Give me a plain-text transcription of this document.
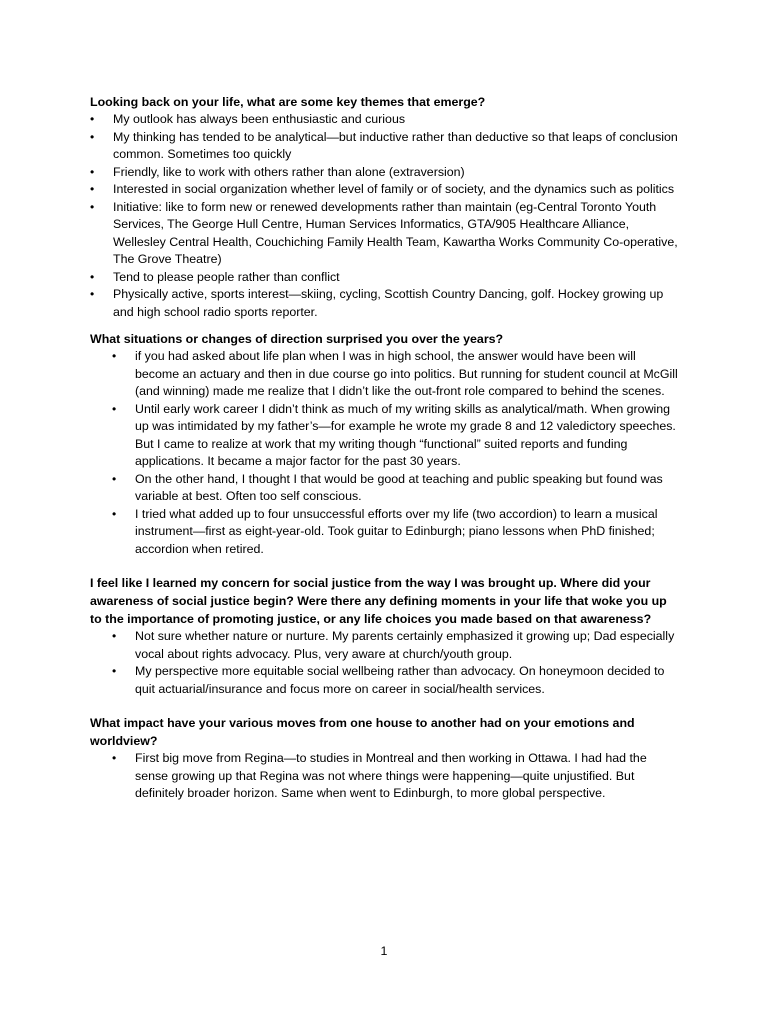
Looking back on your life, what are some key themes that emerge?

• My outlook has always been enthusiastic and curious
• My thinking has tended to be analytical—but inductive rather than deductive so that leaps of conclusion common. Sometimes too quickly
• Friendly, like to work with others rather than alone (extraversion)
• Interested in social organization whether level of family or of society, and the dynamics such as politics
• Initiative: like to form new or renewed developments rather than maintain (eg-Central Toronto Youth Services, The George Hull Centre, Human Services Informatics, GTA/905 Healthcare Alliance, Wellesley Central Health, Couchiching Family Health Team, Kawartha Works Community Co-operative, The Grove Theatre)
• Tend to please people rather than conflict
• Physically active, sports interest—skiing, cycling, Scottish Country Dancing, golf. Hockey growing up and high school radio sports reporter.

What situations or changes of direction surprised you over the years?

• if you had asked about life plan when I was in high school, the answer would have been will become an actuary and then in due course go into politics. But running for student council at McGill (and winning) made me realize that I didn’t like the out-front role compared to behind the scenes.
• Until early work career I didn’t think as much of my writing skills as analytical/math. When growing up was intimidated by my father’s—for example he wrote my grade 8 and 12 valedictory speeches. But I came to realize at work that my writing though “functional” suited reports and funding applications. It became a major factor for the past 30 years.
• On the other hand, I thought I that would be good at teaching and public speaking but found was variable at best. Often too self conscious.
• I tried what added up to four unsuccessful efforts over my life (two accordion) to learn a musical instrument—first as eight-year-old. Took guitar to Edinburgh; piano lessons when PhD finished; accordion when retired.

I feel like I learned my concern for social justice from the way I was brought up. Where did your awareness of social justice begin? Were there any defining moments in your life that woke you up to the importance of promoting justice, or any life choices you made based on that awareness?

• Not sure whether nature or nurture. My parents certainly emphasized it growing up; Dad especially vocal about rights advocacy. Plus, very aware at church/youth group.
• My perspective more equitable social wellbeing rather than advocacy. On honeymoon decided to quit actuarial/insurance and focus more on career in social/health services.

What impact have your various moves from one house to another had on your emotions and worldview?

• First big move from Regina—to studies in Montreal and then working in Ottawa. I had had the sense growing up that Regina was not where things were happening—quite unjustified. But definitely broader horizon. Same when went to Edinburgh, to more global perspective.
1
